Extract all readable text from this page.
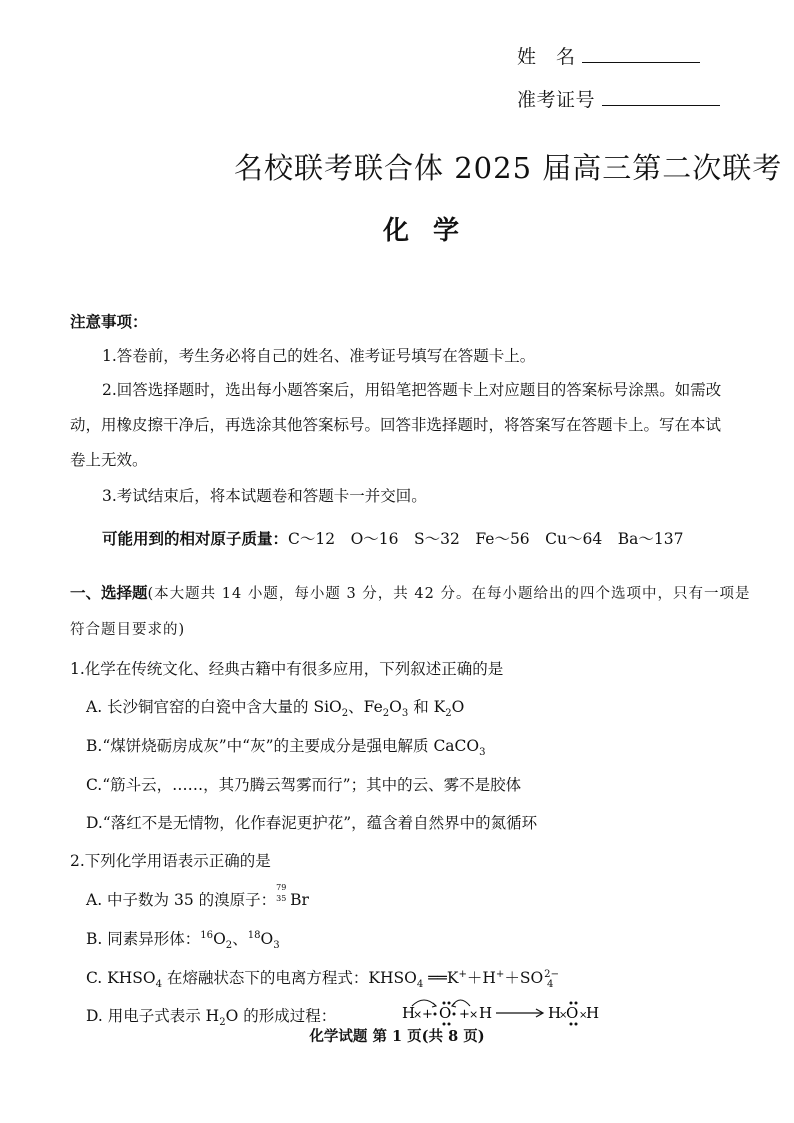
姓　名
准考证号
名校联考联合体 2025 届高三第二次联考
化学
注意事项：
1.答卷前，考生务必将自己的姓名、准考证号填写在答题卡上。
2.回答选择题时，选出每小题答案后，用铅笔把答题卡上对应题目的答案标号涂黑。如需改
动，用橡皮擦干净后，再选涂其他答案标号。回答非选择题时，将答案写在答题卡上。写在本试
卷上无效。
3.考试结束后，将本试题卷和答题卡一并交回。
可能用到的相对原子质量：C～12　O～16　S～32　Fe～56　Cu～64　Ba～137
一、选择题(本大题共 14 小题，每小题 3 分，共 42 分。在每小题给出的四个选项中，只有一项是
符合题目要求的)
1.化学在传统文化、经典古籍中有很多应用，下列叙述正确的是
A. 长沙铜官窑的白瓷中含大量的 SiO$_2$、$Fe_2O_3$ 和 $K_2O$
B.“煤饼烧砺房成灰”中“灰”的主要成分是强电解质 CaCO$_3$
C.“筋斗云，……，其乃腾云驾雾而行”；其中的云、雾不是胶体
D.“落红不是无情物，化作春泥更护花”，蕴含着自然界中的氮循环
2.下列化学用语表示正确的是
A. 中子数为 35 的溴原子：
79
35 Br
B. 同素异形体：$^{16}O_2$、$^{18}O_3$
C. $KHSO_4$ 在熔融状态下的电离方程式：$KHSO_4$ $══K^++H^++SO^{2-}_4$
D. 用电子式表示 $H_2O$ 的形成过程：	H
× + O + × H	H
×
O ×
H
化学试题 第 1 页(共 8 页)
